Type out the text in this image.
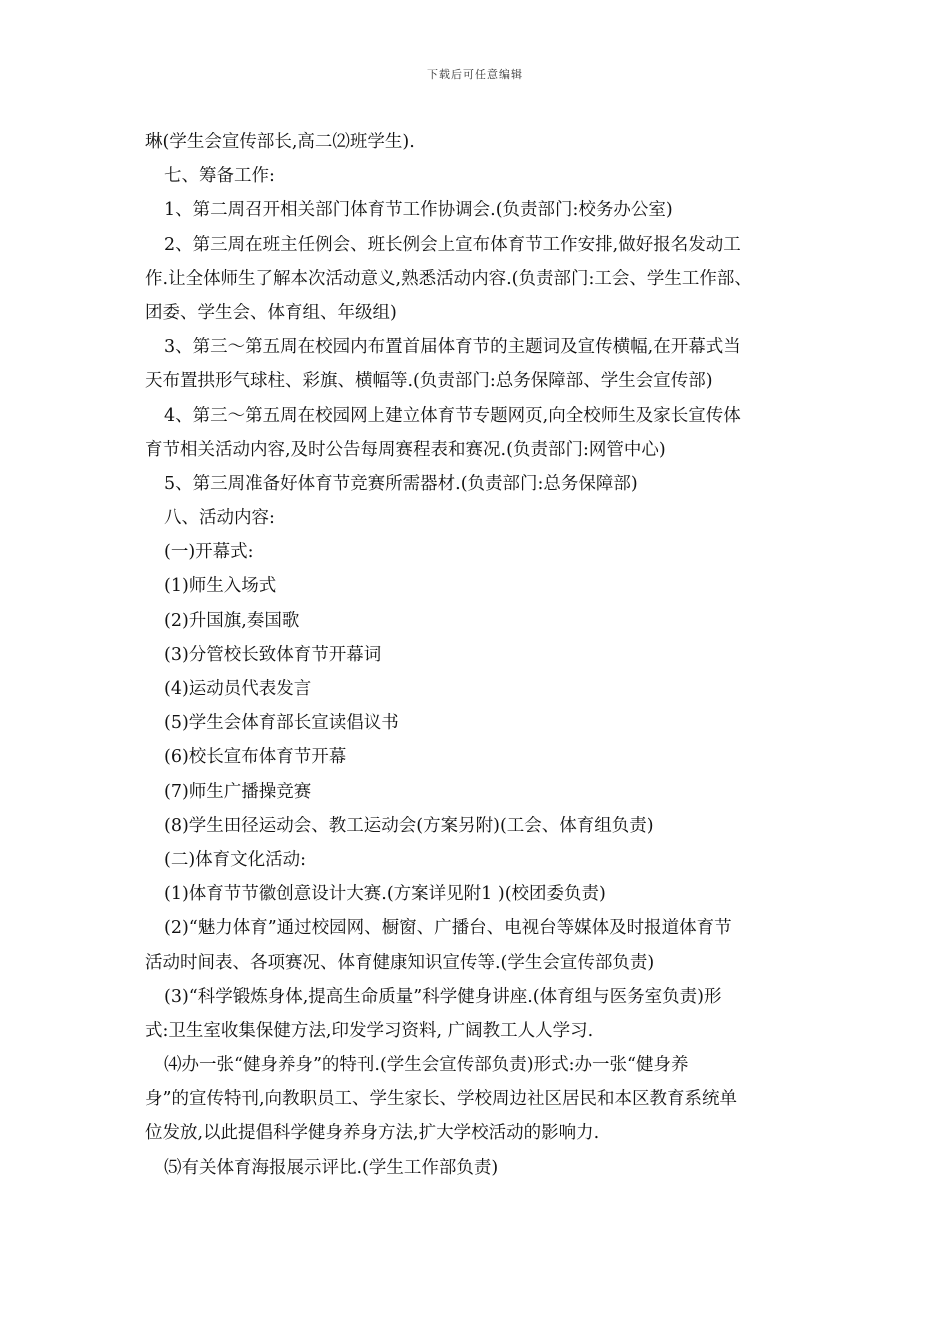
下载后可任意编辑
琳(学生会宣传部长,高二⑵班学生).
七、筹备工作:
1、第二周召开相关部门体育节工作协调会.(负责部门:校务办公室)
2、第三周在班主任例会、班长例会上宣布体育节工作安排,做好报名发动工
作.让全体师生了解本次活动意义,熟悉活动内容.(负责部门:工会、学生工作部、
团委、学生会、体育组、年级组)
3、第三～第五周在校园内布置首届体育节的主题词及宣传横幅,在开幕式当
天布置拱形气球柱、彩旗、横幅等.(负责部门:总务保障部、学生会宣传部)
4、第三～第五周在校园网上建立体育节专题网页,向全校师生及家长宣传体
育节相关活动内容,及时公告每周赛程表和赛况.(负责部门:网管中心)
5、第三周准备好体育节竞赛所需器材.(负责部门:总务保障部)
八、活动内容:
(一)开幕式:
(1)师生入场式
(2)升国旗,奏国歌
(3)分管校长致体育节开幕词
(4)运动员代表发言
(5)学生会体育部长宣读倡议书
(6)校长宣布体育节开幕
(7)师生广播操竞赛
(8)学生田径运动会、教工运动会(方案另附)(工会、体育组负责)
(二)体育文化活动:
(1)体育节节徽创意设计大赛.(方案详见附1 )(校团委负责)
(2)“魅力体育”通过校园网、橱窗、广播台、电视台等媒体及时报道体育节
活动时间表、各项赛况、体育健康知识宣传等.(学生会宣传部负责)
(3)“科学锻炼身体,提高生命质量”科学健身讲座.(体育组与医务室负责)形
式:卫生室收集保健方法,印发学习资料, 广阔教工人人学习.
⑷办一张“健身养身”的特刊.(学生会宣传部负责)形式:办一张“健身养
身”的宣传特刊,向教职员工、学生家长、学校周边社区居民和本区教育系统单
位发放,以此提倡科学健身养身方法,扩大学校活动的影响力.
⑸有关体育海报展示评比.(学生工作部负责)
